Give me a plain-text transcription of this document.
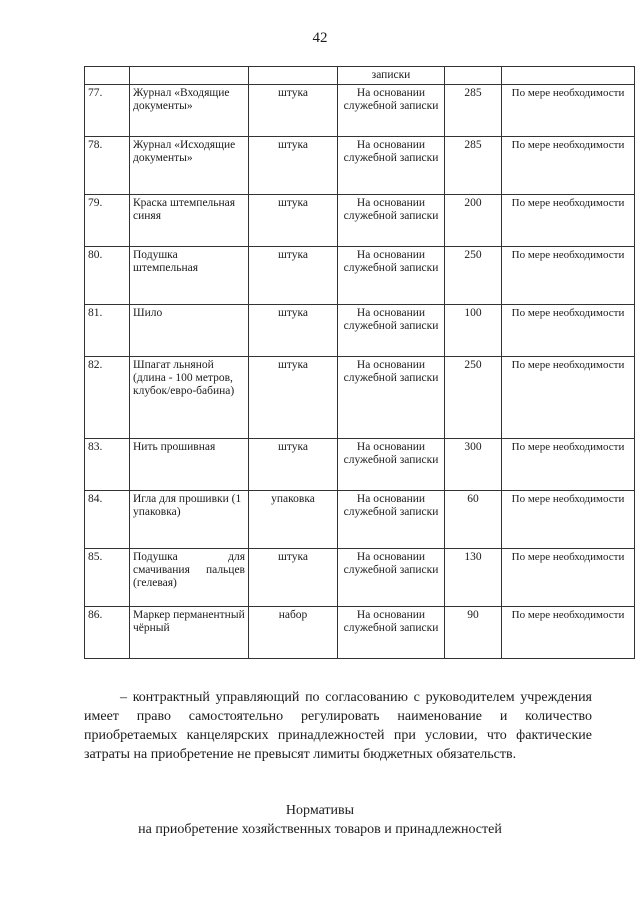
42
			записки		
77.	Журнал «Входящие документы»	штука	На основании служебной записки	285	По мере необходимости
78.	Журнал «Исходящие документы»	штука	На основании служебной записки	285	По мере необходимости
79.	Краска штемпельная синяя	штука	На основании служебной записки	200	По мере необходимости
80.	Подушка штемпельная	штука	На основании служебной записки	250	По мере необходимости
81.	Шило	штука	На основании служебной записки	100	По мере необходимости
82.	Шпагат льняной (длина - 100 метров, клубок/евро-бабина)	штука	На основании служебной записки	250	По мере необходимости
83.	Нить прошивная	штука	На основании служебной записки	300	По мере необходимости
84.	Игла для прошивки (1 упаковка)	упаковка	На основании служебной записки	60	По мере необходимости
85.	Подушка для смачивания пальцев (гелевая)	штука	На основании служебной записки	130	По мере необходимости
86.	Маркер перманентный чёрный	набор	На основании служебной записки	90	По мере необходимости

– контрактный управляющий по согласованию с руководителем учреждения имеет право самостоятельно регулировать наименование и количество приобретаемых канцелярских принадлежностей при условии, что фактические затраты на приобретение не превысят лимиты бюджетных обязательств.

Нормативы

на приобретение хозяйственных товаров и принадлежностей
